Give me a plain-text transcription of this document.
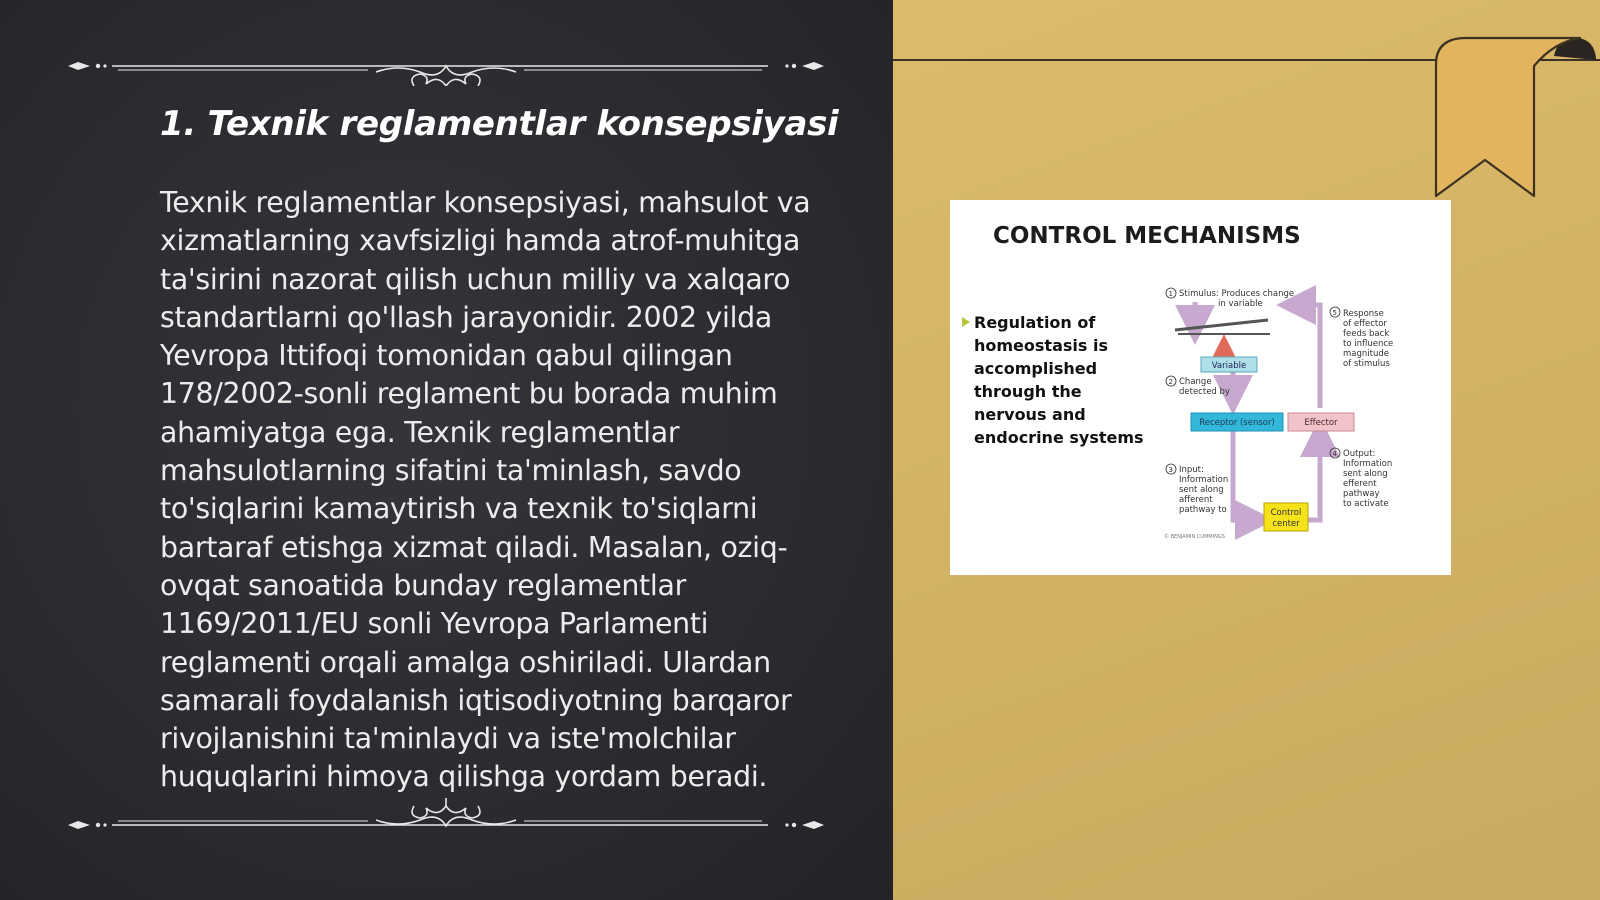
1. Texnik reglamentlar konsepsiyasi

Texnik reglamentlar konsepsiyasi, mahsulot va xizmatlarning xavfsizligi hamda atrof-muhitga ta'sirini nazorat qilish uchun milliy va xalqaro standartlarni qo'llash jarayonidir. 2002 yilda Yevropa Ittifoqi tomonidan qabul qilingan 178/2002-sonli reglament bu borada muhim ahamiyatga ega. Texnik reglamentlar mahsulotlarning sifatini ta'minlash, savdo to'siqlarini kamaytirish va texnik to'siqlarni bartaraf etishga xizmat qiladi. Masalan, oziq-ovqat sanoatida bunday reglamentlar 1169/2011/EU sonli Yevropa Parlamenti reglamenti orqali amalga oshiriladi. Ulardan samarali foydalanish iqtisodiyotning barqaror rivojlanishini ta'minlaydi va iste'molchilar huquqlarini himoya qilishga yordam beradi.

CONTROL MECHANISMS
Regulation of
homeostasis is
accomplished
through the
nervous and
endocrine systems
Variable
Receptor (sensor)	Effector
Control
center
1 Stimulus: Produces change
in variable
2 Change
detected by
3 Input:
Information
sent along
afferent
pathway to
4 Output:
Information
sent along
efferent
pathway
to activate
5 Response
of effector
feeds back
to influence
magnitude
of stimulus
© BENJAMIN CUMMINGS
